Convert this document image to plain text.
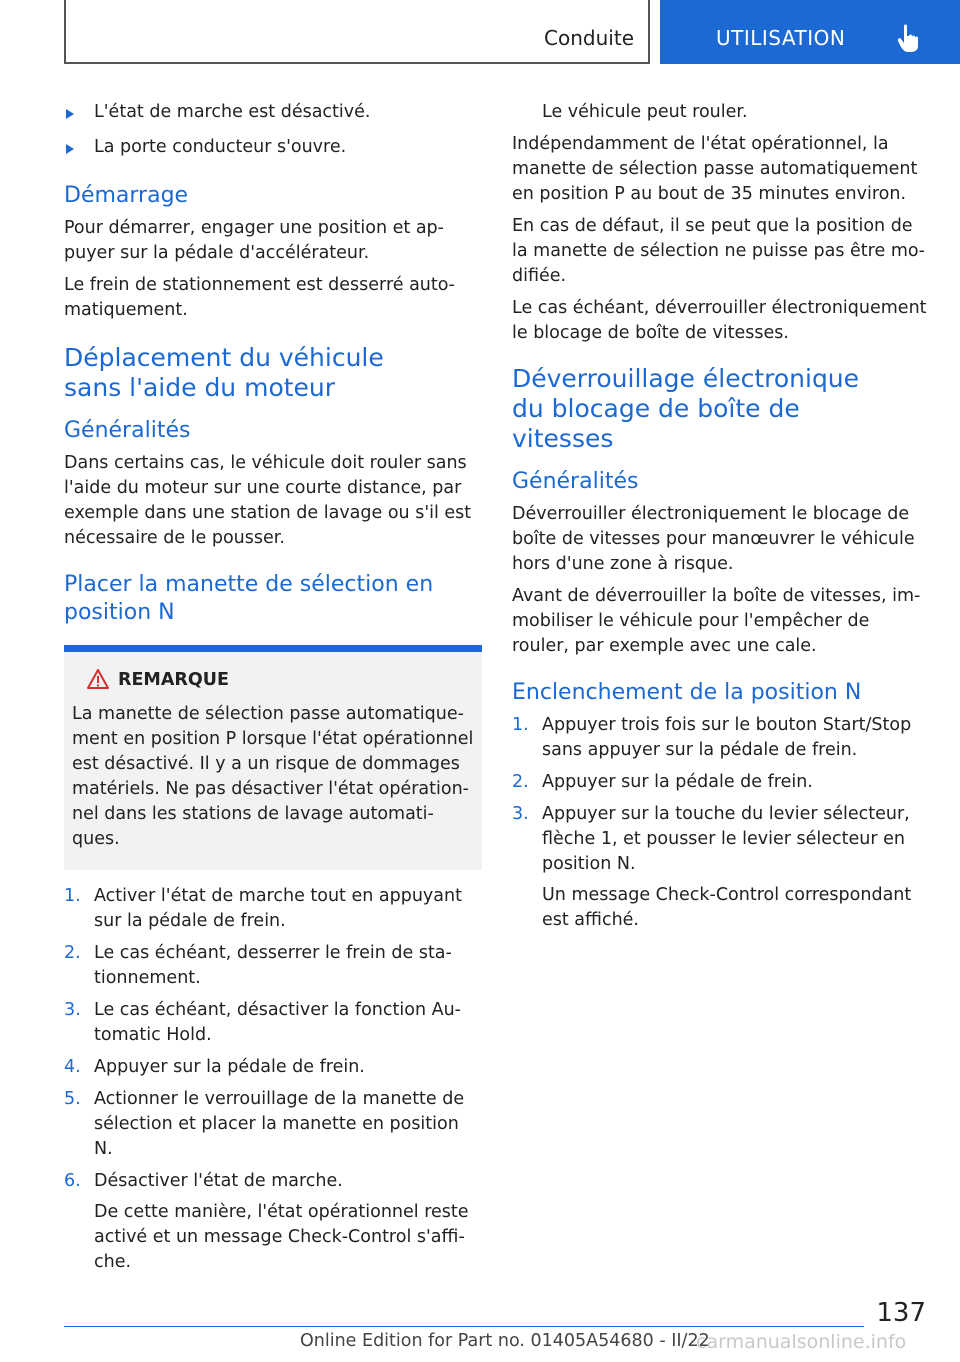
Conduite	UTILISATION
L'état de marche est désactivé.
La porte conducteur s'ouvre.
Démarrage

Pour démarrer, engager une position et ap‐ puyer sur la pédale d'accélérateur.

Le frein de stationnement est desserré auto‐ matiquement.

Déplacement du véhicule sans l'aide du moteur
Généralités

Dans certains cas, le véhicule doit rouler sans l'aide du moteur sur une courte distance, par exemple dans une station de lavage ou s'il est nécessaire de le pousser.

Placer la manette de sélection en position N
REMARQUE

La manette de sélection passe automatique‐ ment en position P lorsque l'état opérationnel est désactivé. Il y a un risque de dommages matériels. Ne pas désactiver l'état opération‐ nel dans les stations de lavage automati‐ ques.

1. Activer l'état de marche tout en appuyant sur la pédale de frein.
2. Le cas échéant, desserrer le frein de sta‐ tionnement.
3. Le cas échéant, désactiver la fonction Au‐ tomatic Hold.
4. Appuyer sur la pédale de frein.
5. Actionner le verrouillage de la manette de sélection et placer la manette en position N.
6. Désactiver l'état de marche.
De cette manière, l'état opérationnel reste activé et un message Check-Control s'affi‐ che.

Le véhicule peut rouler.

Indépendamment de l'état opérationnel, la manette de sélection passe automatiquement en position P au bout de 35 minutes environ.

En cas de défaut, il se peut que la position de la manette de sélection ne puisse pas être mo‐ difiée.

Le cas échéant, déverrouiller électroniquement le blocage de boîte de vitesses.

Déverrouillage électronique du blocage de boîte de vitesses
Généralités

Déverrouiller électroniquement le blocage de boîte de vitesses pour manœuvrer le véhicule hors d'une zone à risque.

Avant de déverrouiller la boîte de vitesses, im‐ mobiliser le véhicule pour l'empêcher de rouler, par exemple avec une cale.

Enclenchement de la position N
1. Appuyer trois fois sur le bouton Start/Stop sans appuyer sur la pédale de frein.
2. Appuyer sur la pédale de frein.
3. Appuyer sur la touche du levier sélecteur, flèche 1, et pousser le levier sélecteur en position N.
Un message Check-Control correspondant est affiché.
137
Online Edition for Part no. 01405A54680 - II/22
carmanualsonline.info
